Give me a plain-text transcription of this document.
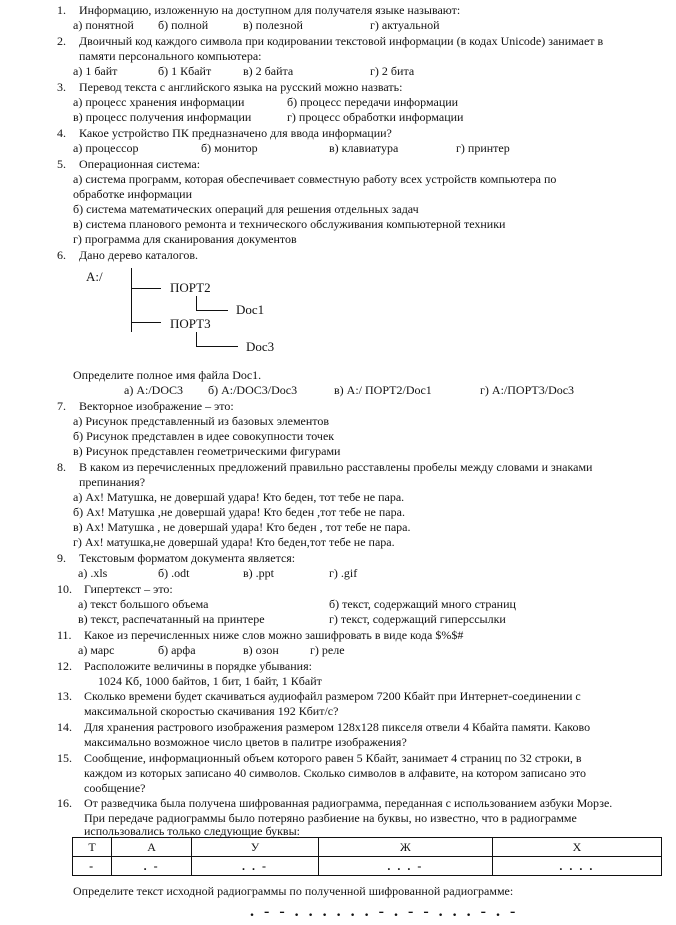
1. Информацию, изложенную на доступном для получателя языке называют:
а) понятной б) полной	в) полезной	г) актуальной
2. Двоичный код каждого символа при кодировании текстовой информации (в кодах Unicode) занимает в
памяти персонального компьютера:
а) 1 байт	б) 1 Кбайт	в) 2 байта	г) 2 бита
3. Перевод текста с английского языка на русский можно назвать:
а) процесс хранения информации	б) процесс передачи информации
в) процесс получения информации	г) процесс обработки информации
4. Какое устройство ПК предназначено для ввода информации?
а) процессор	б) монитор	в) клавиатура	г) принтер
5. Операционная система:
а) система программ, которая обеспечивает совместную работу всех устройств компьютера по
обработке информации
б) система математических операций для решения отдельных задач
в) система планового ремонта и технического обслуживания компьютерной техники
г) программа для сканирования документов
6. Дано дерево каталогов.
A:/
ПОРТ2
Doc1
ПОРТ3
Doc3
Определите полное имя файла Doc1.
а) A:/DOC3 б) A:/DOC3/Doc3	в) A:/ ПОРТ2/Doc1	г) A:/ПОРТ3/Doc3
7. Векторное изображение – это:
а) Рисунок представленный из базовых элементов
б) Рисунок представлен в идее совокупности точек
в) Рисунок представлен геометрическими фигурами
8. В каком из перечисленных предложений правильно расставлены пробелы между словами и знаками
препинания?
а) Ах! Матушка, не довершай удара! Кто беден, тот тебе не пара.
б) Ах! Матушка ,не довершай удара! Кто беден ,тот тебе не пара.
в) Ах! Матушка , не довершай удара! Кто беден , тот тебе не пара.
г) Ах! матушка,не довершай удара! Кто беден,тот тебе не пара.
9. Текстовым форматом документа является:
а) .xls	б) .odt	в) .ppt	г) .gif
10. Гипертекст – это:
а) текст большого объема	б) текст, содержащий много страниц
в) текст, распечатанный на принтере	г) текст, содержащий гиперссылки
11. Какое из перечисленных ниже слов можно зашифровать в виде кода $%$#
а) марс	б) арфа	в) озон	г) реле
12. Расположите величины в порядке убывания:
1024 Кб, 1000 байтов, 1 бит, 1 байт, 1 Кбайт
13. Сколько времени будет скачиваться аудиофайл размером 7200 Кбайт при Интернет-соединении с
максимальной скоростью скачивания 192 Кбит/с?
14. Для хранения растрового изображения размером 128x128 пикселя отвели 4 Кбайта памяти. Каково
максимально возможное число цветов в палитре изображения?
15. Сообщение, информационный объем которого равен 5 Кбайт, занимает 4 страниц по 32 строки, в
каждом из которых записано 40 символов. Сколько символов в алфавите, на котором записано это
сообщение?
16. От разведчика была получена шифрованная радиограмма, переданная с использованием азбуки Морзе.
При передаче радиограммы было потеряно разбиение на буквы, но известно, что в радиограмме
использовались только следующие буквы:
Т	А	У	Ж	Х
-	. -	. . -	. . . -	. . . .
Определите текст исходной радиограммы по полученной шифрованной радиограмме:
. - - . . . . . . - . - - . . . - . -
